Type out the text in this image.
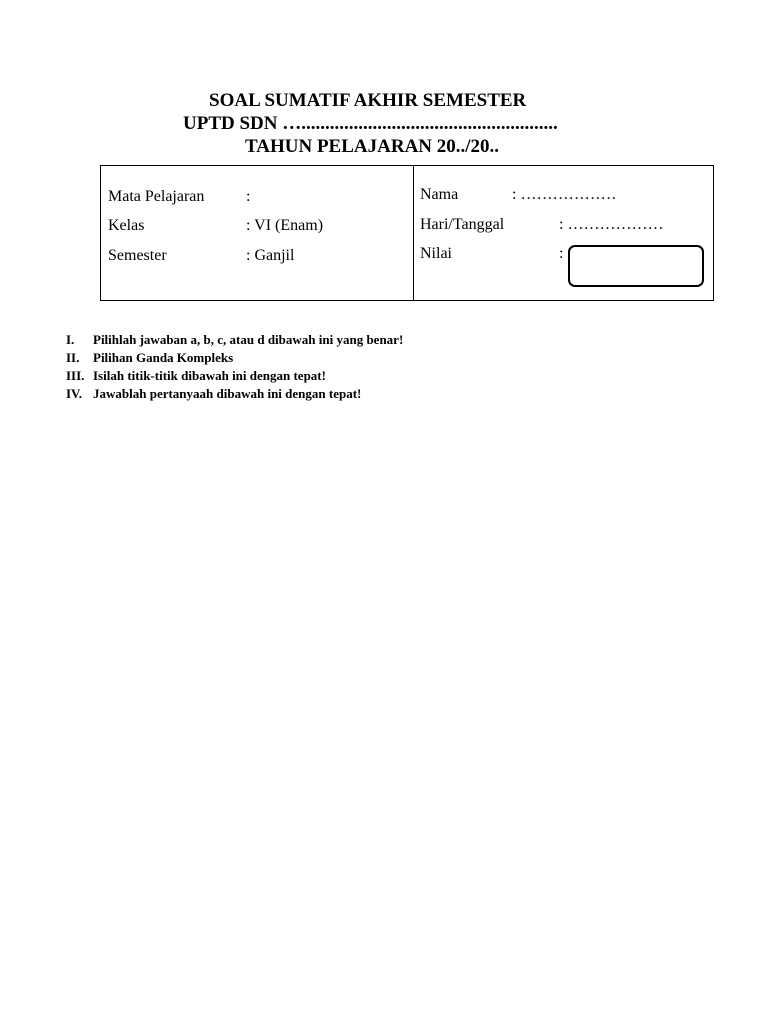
SOAL SUMATIF AKHIR SEMESTER
UPTD SDN …......................................................
TAHUN PELAJARAN 20../20..
Mata Pelajaran	:
Kelas	: VI (Enam)
Semester	: Ganjil
Nama	: ………………
Hari/Tanggal	: ………………
Nilai	:
I. Pilihlah jawaban a, b, c, atau d dibawah ini yang benar!
II. Pilihan Ganda Kompleks
III. Isilah titik-titik dibawah ini dengan tepat!
IV. Jawablah pertanyaah dibawah ini dengan tepat!
